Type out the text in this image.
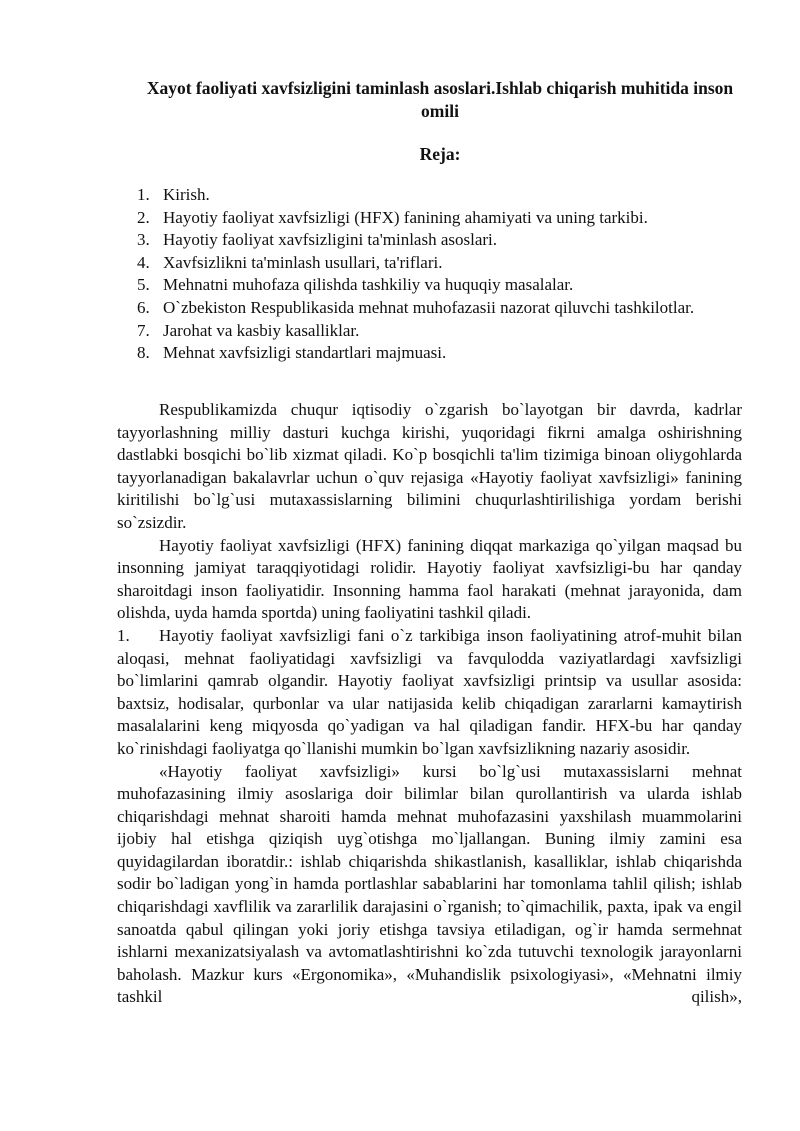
Xayot faoliyati xavfsizligini taminlash asoslari.Ishlab chiqarish muhitida inson omili
Reja:
1. Kirish.
2. Hayotiy faoliyat xavfsizligi (HFX) fanining ahamiyati va uning tarkibi.
3. Hayotiy faoliyat xavfsizligini ta'minlash asoslari.
4. Xavfsizlikni ta'minlash usullari, ta'riflari.
5. Mehnatni muhofaza qilishda tashkiliy va huquqiy masalalar.
6. O`zbekiston Respublikasida mehnat muhofazasii nazorat qiluvchi tashkilotlar.
7. Jarohat va kasbiy kasalliklar.
8. Mehnat xavfsizligi standartlari majmuasi.

Respublikamizda chuqur iqtisodiy o`zgarish bo`layotgan bir davrda, kadrlar tayyorlashning milliy dasturi kuchga kirishi, yuqoridagi fikrni amalga oshirishning dastlabki bosqichi bo`lib xizmat qiladi. Ko`p bosqichli ta'lim tizimiga binoan oliygohlarda tayyorlanadigan bakalavrlar uchun o`quv rejasiga «Hayotiy faoliyat xavfsizligi» fanining kiritilishi bo`lg`usi mutaxassislarning bilimini chuqurlashtirilishiga yordam berishi so`zsizdir.

Hayotiy faoliyat xavfsizligi (HFX) fanining diqqat markaziga qo`yilgan maqsad bu insonning jamiyat taraqqiyotidagi rolidir. Hayotiy faoliyat xavfsizligi-bu har qanday sharoitdagi inson faoliyatidir. Insonning hamma faol harakati (mehnat jarayonida, dam olishda, uyda hamda sportda) uning faoliyatini tashkil qiladi.

1. Hayotiy faoliyat xavfsizligi fani o`z tarkibiga inson faoliyatining atrof-muhit bilan aloqasi, mehnat faoliyatidagi xavfsizligi va favqulodda vaziyatlardagi xavfsizligi bo`limlarini qamrab olgandir. Hayotiy faoliyat xavfsizligi printsip va usullar asosida: baxtsiz, hodisalar, qurbonlar va ular natijasida kelib chiqadigan zararlarni kamaytirish masalalarini keng miqyosda qo`yadigan va hal qiladigan fandir. HFX-bu har qanday ko`rinishdagi faoliyatga qo`llanishi mumkin bo`lgan xavfsizlikning nazariy asosidir.

«Hayotiy faoliyat xavfsizligi» kursi bo`lg`usi mutaxassislarni mehnat muhofazasining ilmiy asoslariga doir bilimlar bilan qurollantirish va ularda ishlab chiqarishdagi mehnat sharoiti hamda mehnat muhofazasini yaxshilash muammolarini ijobiy hal etishga qiziqish uyg`otishga mo`ljallangan. Buning ilmiy zamini esa quyidagilardan iboratdir.: ishlab chiqarishda shikastlanish, kasalliklar, ishlab chiqarishda sodir bo`ladigan yong`in hamda portlashlar sabablarini har tomonlama tahlil qilish; ishlab chiqarishdagi xavflilik va zararlilik darajasini o`rganish; to`qimachilik, paxta, ipak va engil sanoatda qabul qilingan yoki joriy etishga tavsiya etiladigan, og`ir hamda sermehnat ishlarni mexanizatsiyalash va avtomatlashtirishni ko`zda tutuvchi texnologik jarayonlarni baholash. Mazkur kurs «Ergonomika», «Muhandislik psixologiyasi», «Mehnatni ilmiy tashkil qilish»,
